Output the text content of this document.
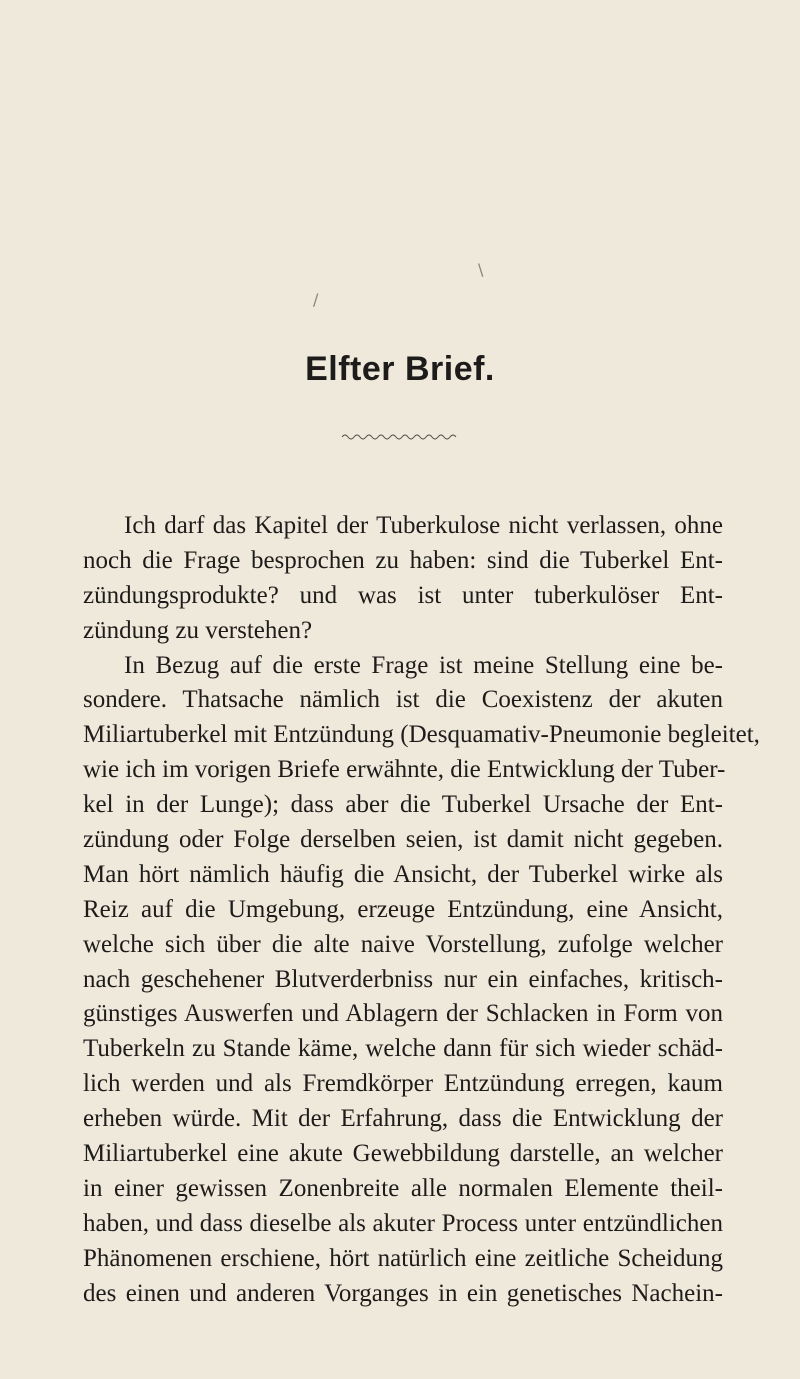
\
/
Elfter Brief.
Ich darf das Kapitel der Tuberkulose nicht verlassen, ohne
noch die Frage besprochen zu haben: sind die Tuberkel Ent-
zündungsprodukte? und was ist unter tuberkulöser Ent-
zündung zu verstehen?
In Bezug auf die erste Frage ist meine Stellung eine be-
sondere. Thatsache nämlich ist die Coexistenz der akuten
Miliartuberkel mit Entzündung (Desquamativ-Pneumonie begleitet,
wie ich im vorigen Briefe erwähnte, die Entwicklung der Tuber-
kel in der Lunge); dass aber die Tuberkel Ursache der Ent-
zündung oder Folge derselben seien, ist damit nicht gegeben.
Man hört nämlich häufig die Ansicht, der Tuberkel wirke als
Reiz auf die Umgebung, erzeuge Entzündung, eine Ansicht,
welche sich über die alte naive Vorstellung, zufolge welcher
nach geschehener Blutverderbniss nur ein einfaches, kritisch-
günstiges Auswerfen und Ablagern der Schlacken in Form von
Tuberkeln zu Stande käme, welche dann für sich wieder schäd-
lich werden und als Fremdkörper Entzündung erregen, kaum
erheben würde. Mit der Erfahrung, dass die Entwicklung der
Miliartuberkel eine akute Gewebbildung darstelle, an welcher
in einer gewissen Zonenbreite alle normalen Elemente theil-
haben, und dass dieselbe als akuter Process unter entzündlichen
Phänomenen erschiene, hört natürlich eine zeitliche Scheidung
des einen und anderen Vorganges in ein genetisches Nachein-
